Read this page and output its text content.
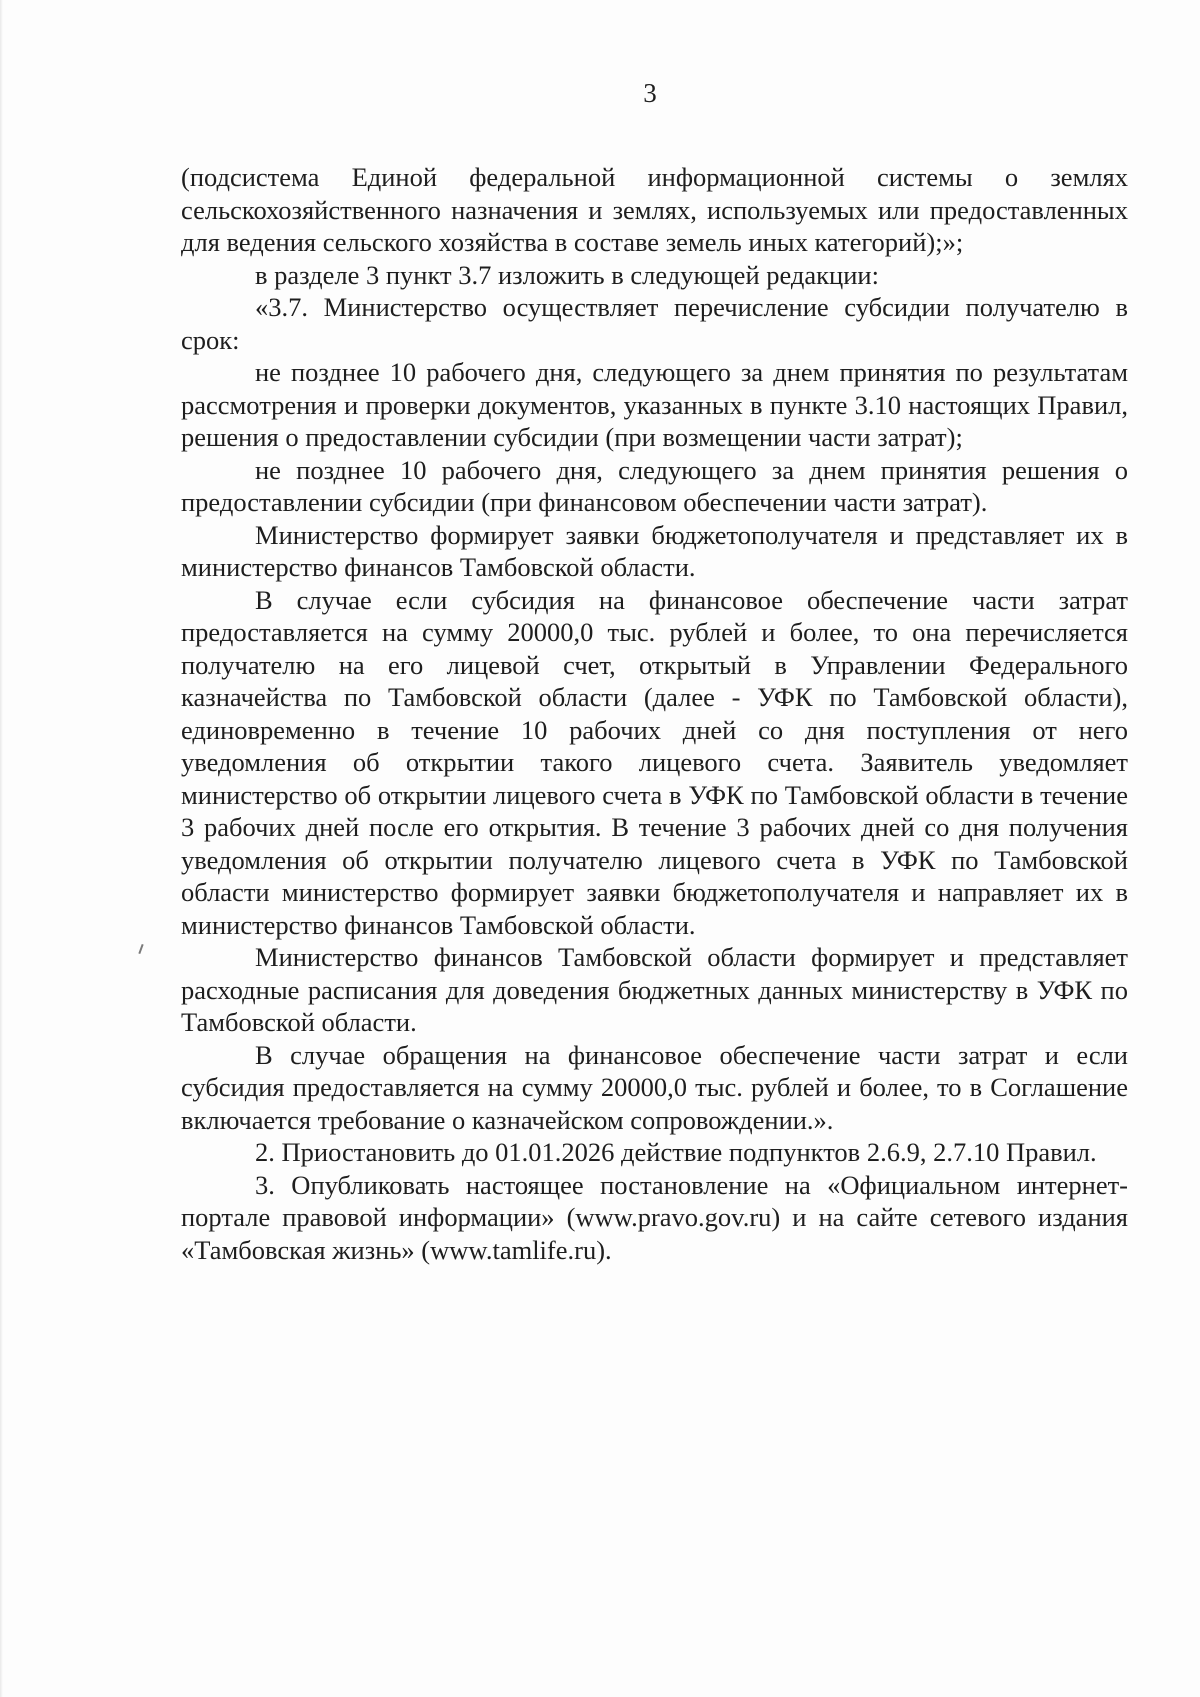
3

(подсистема Единой федеральной информационной системы о землях сельскохозяйственного назначения и землях, используемых или предоставленных для ведения сельского хозяйства в составе земель иных категорий);»;

в разделе 3 пункт 3.7 изложить в следующей редакции:

«3.7. Министерство осуществляет перечисление субсидии получателю в срок:

не позднее 10 рабочего дня, следующего за днем принятия по результатам рассмотрения и проверки документов, указанных в пункте 3.10 настоящих Правил, решения о предоставлении субсидии (при возмещении части затрат);

не позднее 10 рабочего дня, следующего за днем принятия решения о предоставлении субсидии (при финансовом обеспечении части затрат).

Министерство формирует заявки бюджетополучателя и представляет их в министерство финансов Тамбовской области.

В случае если субсидия на финансовое обеспечение части затрат предоставляется на сумму 20000,0 тыс. рублей и более, то она перечисляется получателю на его лицевой счет, открытый в Управлении Федерального казначейства по Тамбовской области (далее - УФК по Тамбовской области), единовременно в течение 10 рабочих дней со дня поступления от него уведомления об открытии такого лицевого счета. Заявитель уведомляет министерство об открытии лицевого счета в УФК по Тамбовской области в течение 3 рабочих дней после его открытия. В течение 3 рабочих дней со дня получения уведомления об открытии получателю лицевого счета в УФК по Тамбовской области министерство формирует заявки бюджетополучателя и направляет их в министерство финансов Тамбовской области.

Министерство финансов Тамбовской области формирует и представляет расходные расписания для доведения бюджетных данных министерству в УФК по Тамбовской области.

В случае обращения на финансовое обеспечение части затрат и если субсидия предоставляется на сумму 20000,0 тыс. рублей и более, то в Соглашение включается требование о казначейском сопровождении.».

2. Приостановить до 01.01.2026 действие подпунктов 2.6.9, 2.7.10 Правил.

3. Опубликовать настоящее постановление на «Официальном интернет-портале правовой информации» (www.pravo.gov.ru) и на сайте сетевого издания «Тамбовская жизнь» (www.tamlife.ru).
